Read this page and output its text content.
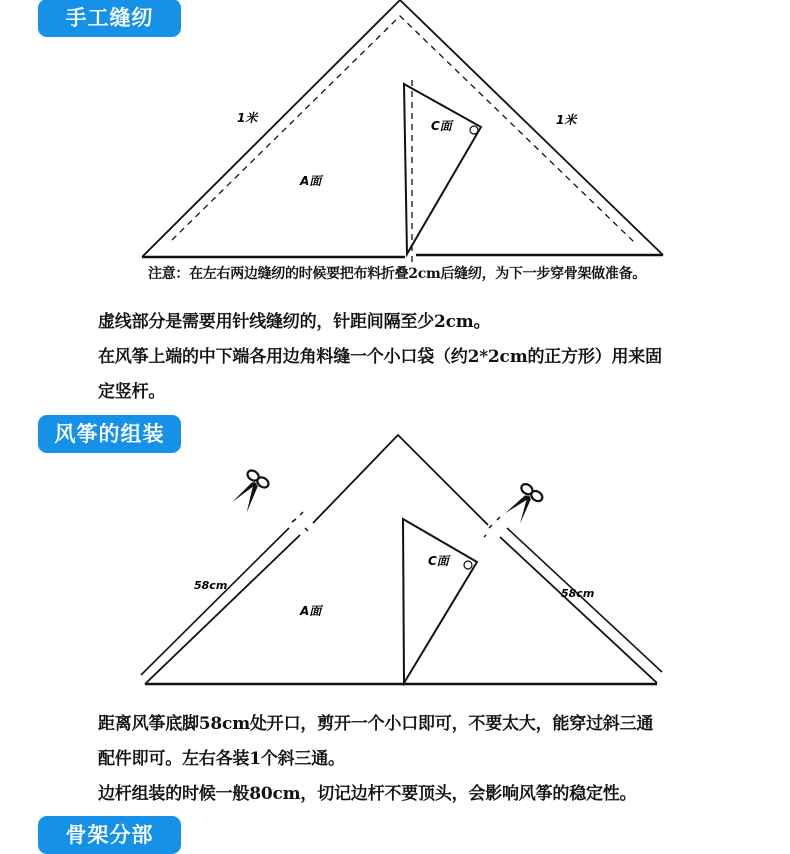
手工缝纫
1米	1米
A面
C面
注意：在左右两边缝纫的时候要把布料折叠2cm后缝纫，为下一步穿骨架做准备。
虚线部分是需要用针线缝纫的，针距间隔至少2cm。
在风筝上端的中下端各用边角料缝一个小口袋（约2*2cm的正方形）用来固
定竖杆。
风筝的组装
58cm
58cm
A面
C面
距离风筝底脚58cm处开口，剪开一个小口即可，不要太大，能穿过斜三通
配件即可。左右各装1个斜三通。
边杆组装的时候一般80cm，切记边杆不要顶头，会影响风筝的稳定性。
骨架分部
